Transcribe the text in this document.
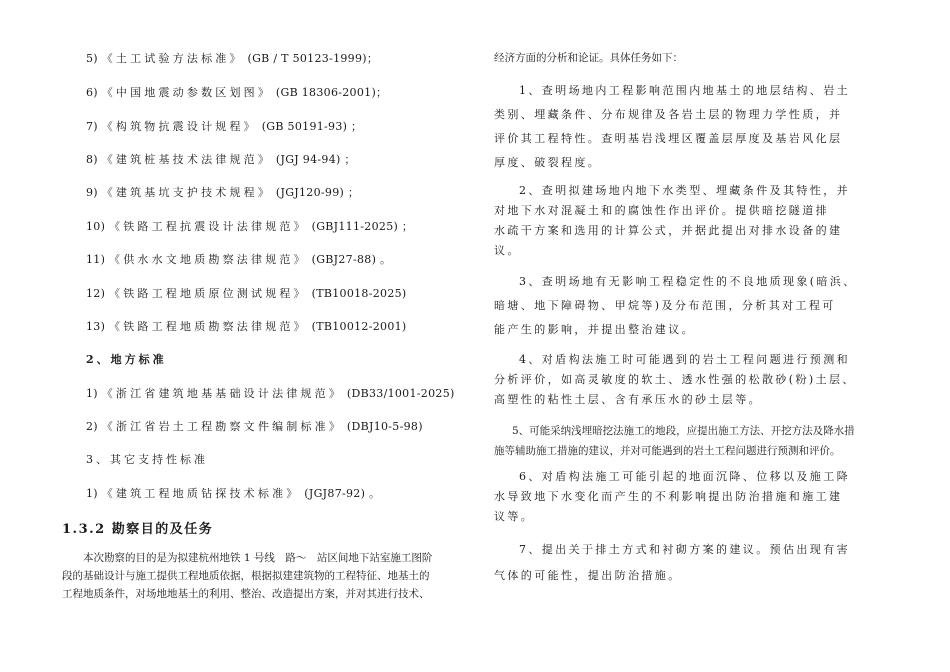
5) 《土工试验方法标准》 (GB / T 50123-1999)；
6) 《中国地震动参数区划图》 (GB 18306-2001)；
7) 《构筑物抗震设计规程》 (GB 50191-93) ；
8) 《建筑桩基技术法律规范》 (JGJ 94-94) ；
9) 《建筑基坑支护技术规程》 (JGJ120-99) ；
10) 《铁路工程抗震设计法律规范》 (GBJ111-2025) ；
11) 《供水水文地质勘察法律规范》 (GBJ27-88) 。
12) 《铁路工程地质原位测试规程》 (TB10018-2025)
13) 《铁路工程地质勘察法律规范》 (TB10012-2001)
2、地方标准
1) 《浙江省建筑地基基础设计法律规范》 (DB33/1001-2025)
2) 《浙江省岩土工程勘察文件编制标准》 (DBJ10-5-98)
3、其它支持性标准
1) 《建筑工程地质钻探技术标准》 (JGJ87-92) 。
1.3.2 勘察目的及任务
本次勘察的目的是为拟建杭州地铁 1 号线　路～　站区间地下站室施工图阶
段的基础设计与施工提供工程地质依据，根据拟建建筑物的工程特征、地基土的
工程地质条件，对场地地基土的利用、整治、改造提出方案，并对其进行技术、
经济方面的分析和论证。具体任务如下：
1、查明场地内工程影响范围内地基土的地层结构、岩土
类别、埋藏条件、分布规律及各岩土层的物理力学性质，并
评价其工程特性。查明基岩浅埋区覆盖层厚度及基岩风化层
厚度、破裂程度。
2、查明拟建场地内地下水类型、埋藏条件及其特性，并
对地下水对混凝土和的腐蚀性作出评价。提供暗挖隧道排
水疏干方案和选用的计算公式，并据此提出对排水设备的建
议。
3、查明场地有无影响工程稳定性的不良地质现象(暗浜、
暗塘、地下障碍物、甲烷等)及分布范围，分析其对工程可
能产生的影响，并提出整治建议。
4、对盾构法施工时可能遇到的岩土工程问题进行预测和
分析评价，如高灵敏度的软土、透水性强的松散砂(粉)土层、
高塑性的粘性土层、含有承压水的砂土层等。
5、可能采纳浅埋暗挖法施工的地段，应提出施工方法、开挖方法及降水措
施等辅助施工措施的建议，并对可能遇到的岩土工程问题进行预测和评价。
6、对盾构法施工可能引起的地面沉降、位移以及施工降
水导致地下水变化而产生的不利影响提出防治措施和施工建
议等。
7、提出关于排土方式和衬砌方案的建议。预估出现有害
气体的可能性，提出防治措施。
